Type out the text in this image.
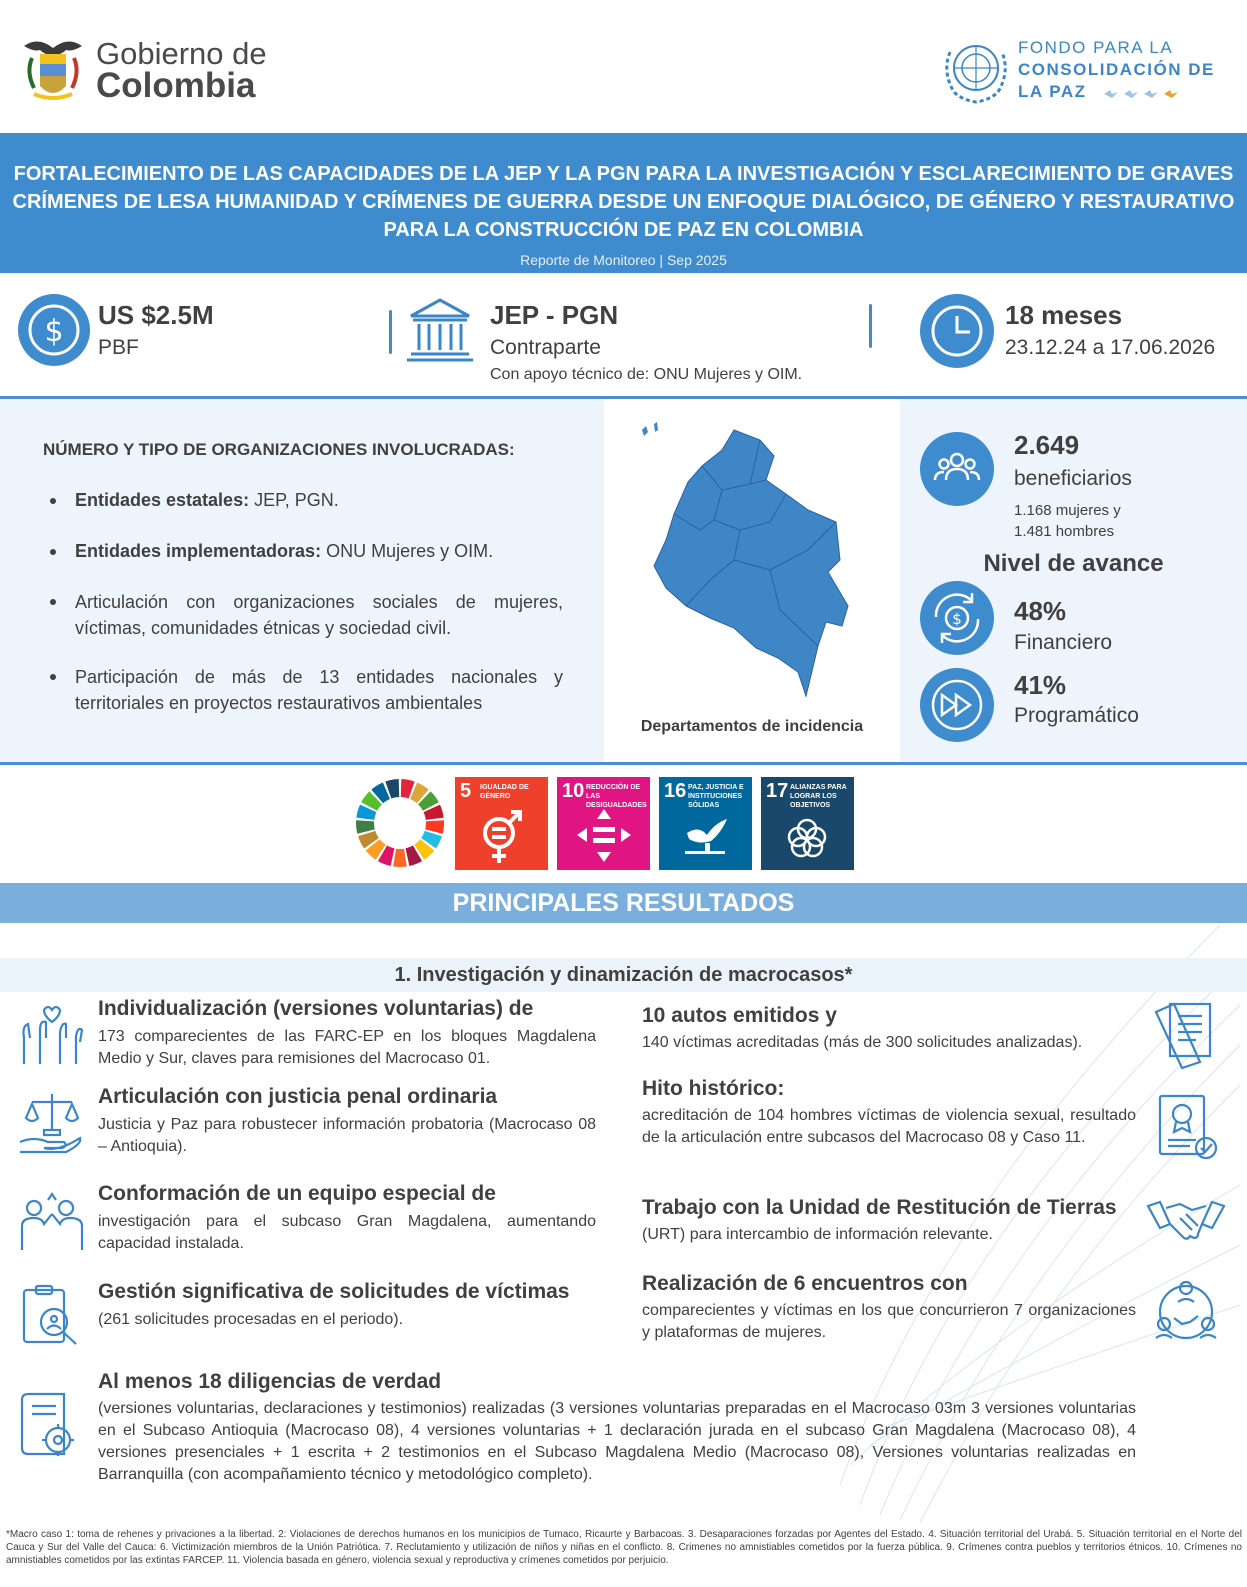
Gobierno de
Colombia
FONDO PARA LA
CONSOLIDACIÓN DE
LA PAZ
FORTALECIMIENTO DE LAS CAPACIDADES DE LA JEP Y LA PGN PARA LA INVESTIGACIÓN Y ESCLARECIMIENTO DE GRAVES CRÍMENES DE LESA HUMANIDAD Y CRÍMENES DE GUERRA DESDE UN ENFOQUE DIALÓGICO, DE GÉNERO Y RESTAURATIVO PARA LA CONSTRUCCIÓN DE PAZ EN COLOMBIA
Reporte de Monitoreo | Sep 2025
$ US $2.5M
PBF
JEP - PGN
Contraparte
Con apoyo técnico de: ONU Mujeres y OIM.
18 meses
23.12.24 a 17.06.2026
NÚMERO Y TIPO DE ORGANIZACIONES INVOLUCRADAS:
Entidades estatales: JEP, PGN.
Entidades implementadoras: ONU Mujeres y OIM.
Articulación con organizaciones sociales de mujeres, víctimas, comunidades étnicas y sociedad civil.
Participación de más de 13 entidades nacionales y territoriales en proyectos restaurativos ambientales
Departamentos de incidencia
2.649
beneficiarios
1.168 mujeres y
1.481 hombres
Nivel de avance
$ 48%
Financiero
41%
Programático
5 IGUALDAD DE GÉNERO	10 REDUCCIÓN DE LAS DESIGUALDADES
16 PAZ, JUSTICIA E INSTITUCIONES SÓLIDAS
17 ALIANZAS PARA LOGRAR LOS OBJETIVOS
PRINCIPALES RESULTADOS
1. Investigación y dinamización de macrocasos*
Individualización (versiones voluntarias) de
173 comparecientes de las FARC-EP en los bloques Magdalena Medio y Sur, claves para remisiones del Macrocaso 01.
Articulación con justicia penal ordinaria
Justicia y Paz para robustecer información probatoria (Macrocaso 08 – Antioquia).
Conformación de un equipo especial de
investigación para el subcaso Gran Magdalena, aumentando capacidad instalada.
Gestión significativa de solicitudes de víctimas
(261 solicitudes procesadas en el periodo).
10 autos emitidos y
140 víctimas acreditadas (más de 300 solicitudes analizadas).
Hito histórico:
acreditación de 104 hombres víctimas de violencia sexual, resultado de la articulación entre subcasos del Macrocaso 08 y Caso 11.
Trabajo con la Unidad de Restitución de Tierras
(URT) para intercambio de información relevante.
Realización de 6 encuentros con
comparecientes y víctimas en los que concurrieron 7 organizaciones y plataformas de mujeres.
Al menos 18 diligencias de verdad
(versiones voluntarias, declaraciones y testimonios) realizadas (3 versiones voluntarias preparadas en el Macrocaso 03m 3 versiones voluntarias en el Subcaso Antioquia (Macrocaso 08), 4 versiones voluntarias + 1 declaración jurada en el subcaso Gran Magdalena (Macrocaso 08), 4 versiones presenciales + 1 escrita + 2 testimonios en el Subcaso Magdalena Medio (Macrocaso 08), Versiones voluntarias realizadas en Barranquilla (con acompañamiento técnico y metodológico completo).
*Macro caso 1: toma de rehenes y privaciones a la libertad. 2: Violaciones de derechos humanos en los municipios de Tumaco, Ricaurte y Barbacoas. 3. Desaparaciones forzadas por Agentes del Estado. 4. Situación territorial del Urabá. 5. Situación territorial en el Norte del Cauca y Sur del Valle del Cauca: 6. Victimización miembros de la Unión Patriótica. 7. Reclutamiento y utilización de niños y niñas en el conflicto. 8. Crimenes no amnistiables cometidos por la fuerza pública. 9. Crímenes contra pueblos y territorios étnicos. 10. Crímenes no amnistiables cometidos por las extintas FARCEP. 11. Violencia basada en género, violencia sexual y reproductiva y crímenes cometidos por perjuicio.
